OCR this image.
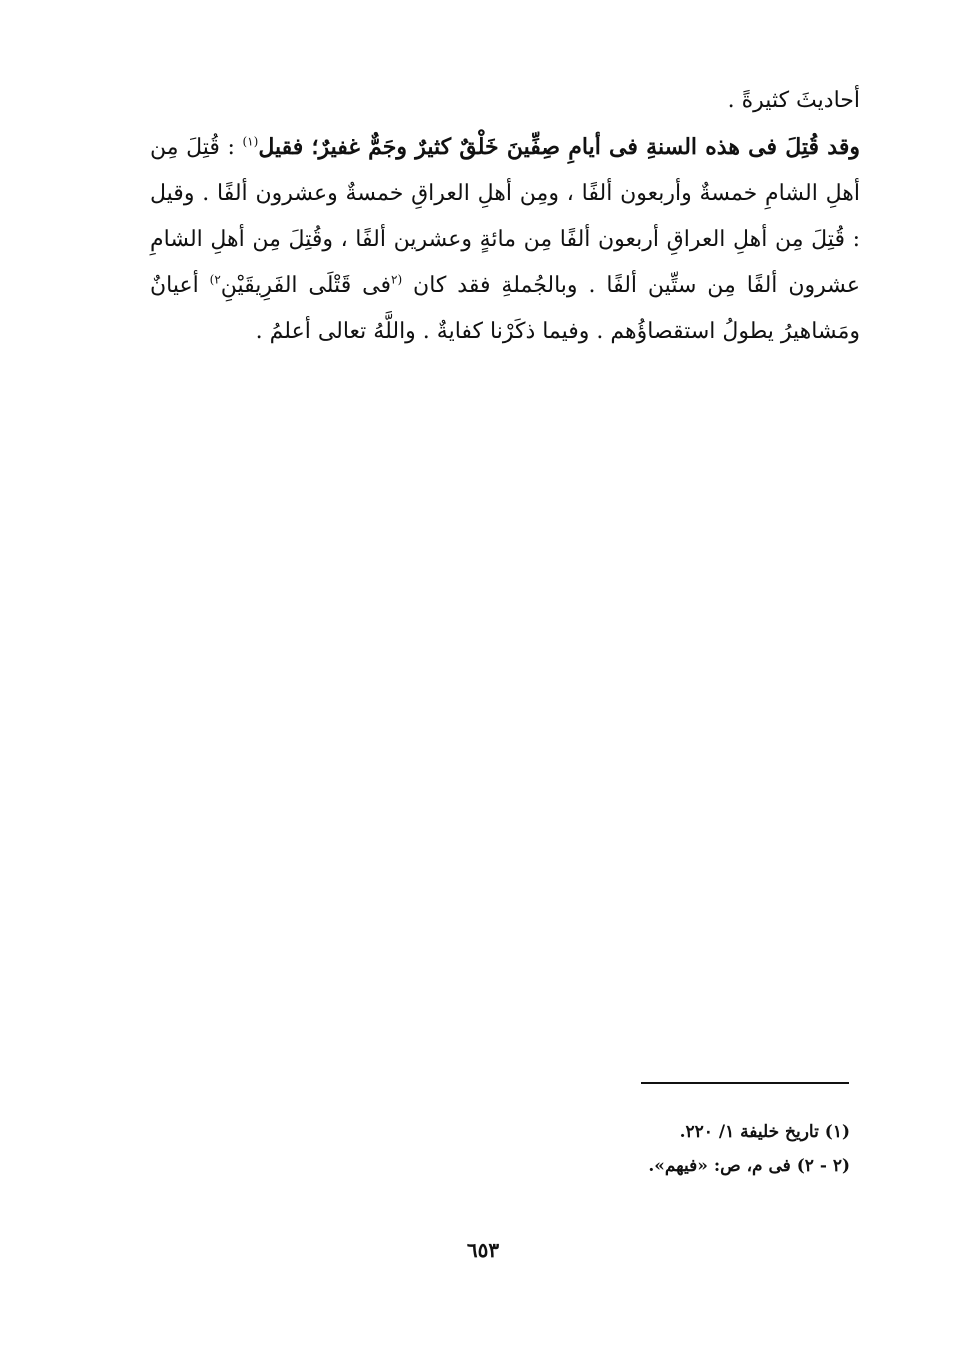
أحاديثَ كثيرةً .

وقد قُتِلَ فى هذه السنةِ فى أيامِ صِفِّينَ خَلْقٌ كثيرٌ وجَمٌّ غفيرٌ؛ فقيل$^{(١)}$ : قُتِلَ مِن أهلِ الشامِ خمسةٌ وأربعون ألفًا ، ومِن أهلِ العراقِ خمسةٌ وعشرون ألفًا . وقيل : قُتِلَ مِن أهلِ العراقِ أربعون ألفًا مِن مائةٍ وعشرين ألفًا ، وقُتِلَ مِن أهلِ الشامِ عشرون ألفًا مِن ستِّين ألفًا . وبالجُملةِ فقد كان $^{(٢}$فى قَتْلَى الفَرِيقَيْنِ$^{٢)}$ أعيانٌ ومَشاهيرُ يطولُ استقصاؤُهم . وفيما ذكَرْنا كفايةٌ . واللَّهُ تعالى أعلمُ .

(١) تاريخ خليفة ١/ ٢٢٠.

(٢ - ٢) فى م، ص: «فيهم».

٦٥٣
